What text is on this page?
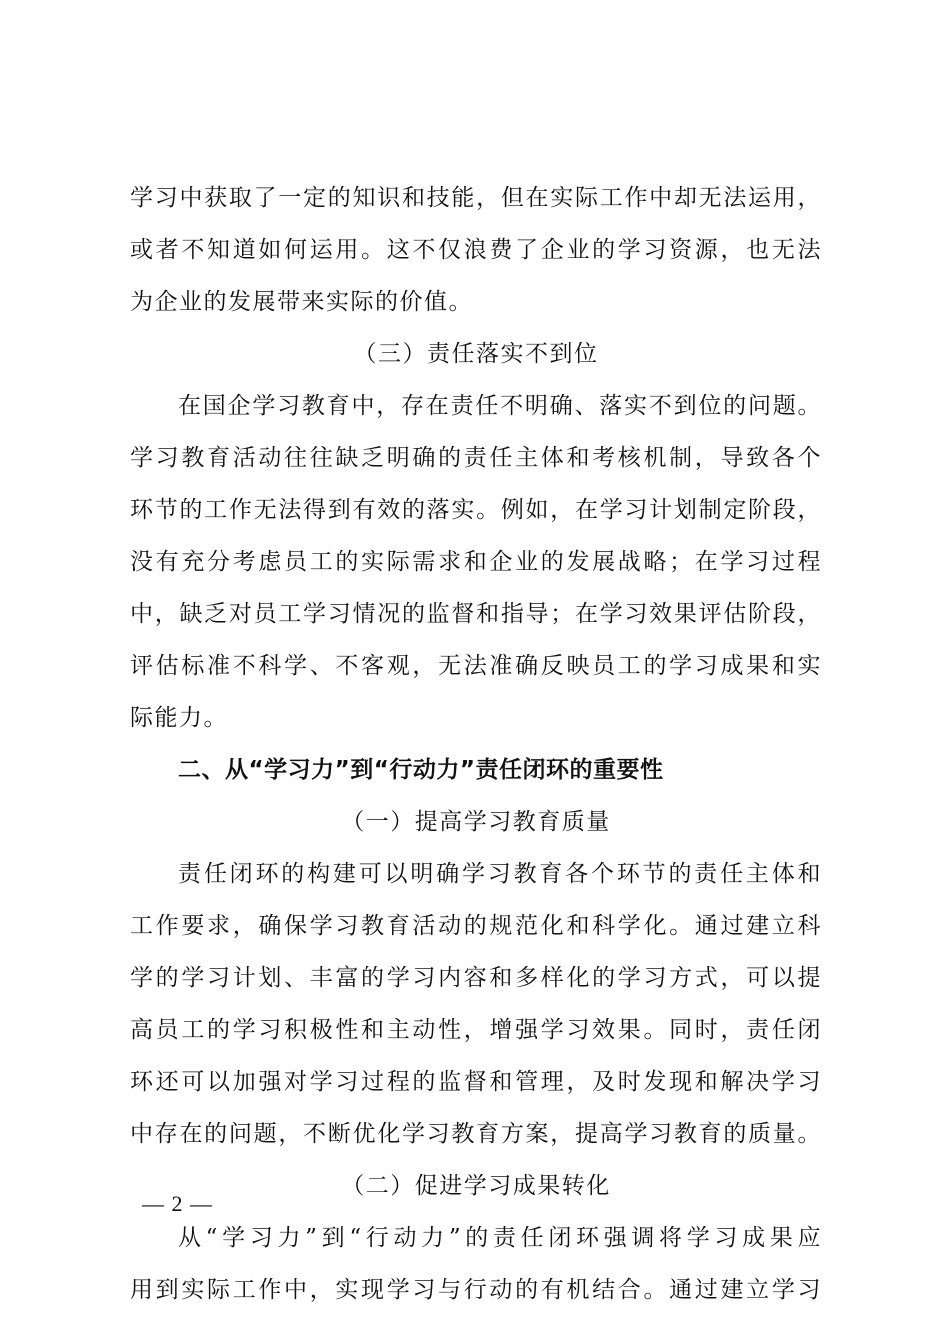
学习中获取了一定的知识和技能，但在实际工作中却无法运用，
或者不知道如何运用。这不仅浪费了企业的学习资源，也无法
为企业的发展带来实际的价值。
（三）责任落实不到位
在国企学习教育中，存在责任不明确、落实不到位的问题。
学习教育活动往往缺乏明确的责任主体和考核机制，导致各个
环节的工作无法得到有效的落实。例如，在学习计划制定阶段，
没有充分考虑员工的实际需求和企业的发展战略；在学习过程
中，缺乏对员工学习情况的监督和指导；在学习效果评估阶段，
评估标准不科学、不客观，无法准确反映员工的学习成果和实
际能力。
二、从“学习力”到“行动力”责任闭环的重要性
（一）提高学习教育质量
责任闭环的构建可以明确学习教育各个环节的责任主体和
工作要求，确保学习教育活动的规范化和科学化。通过建立科
学的学习计划、丰富的学习内容和多样化的学习方式，可以提
高员工的学习积极性和主动性，增强学习效果。同时，责任闭
环还可以加强对学习过程的监督和管理，及时发现和解决学习
中存在的问题，不断优化学习教育方案，提高学习教育的质量。
（二）促进学习成果转化
从“学习力”到“行动力”的责任闭环强调将学习成果应
用到实际工作中，实现学习与行动的有机结合。通过建立学习
— 2 —
